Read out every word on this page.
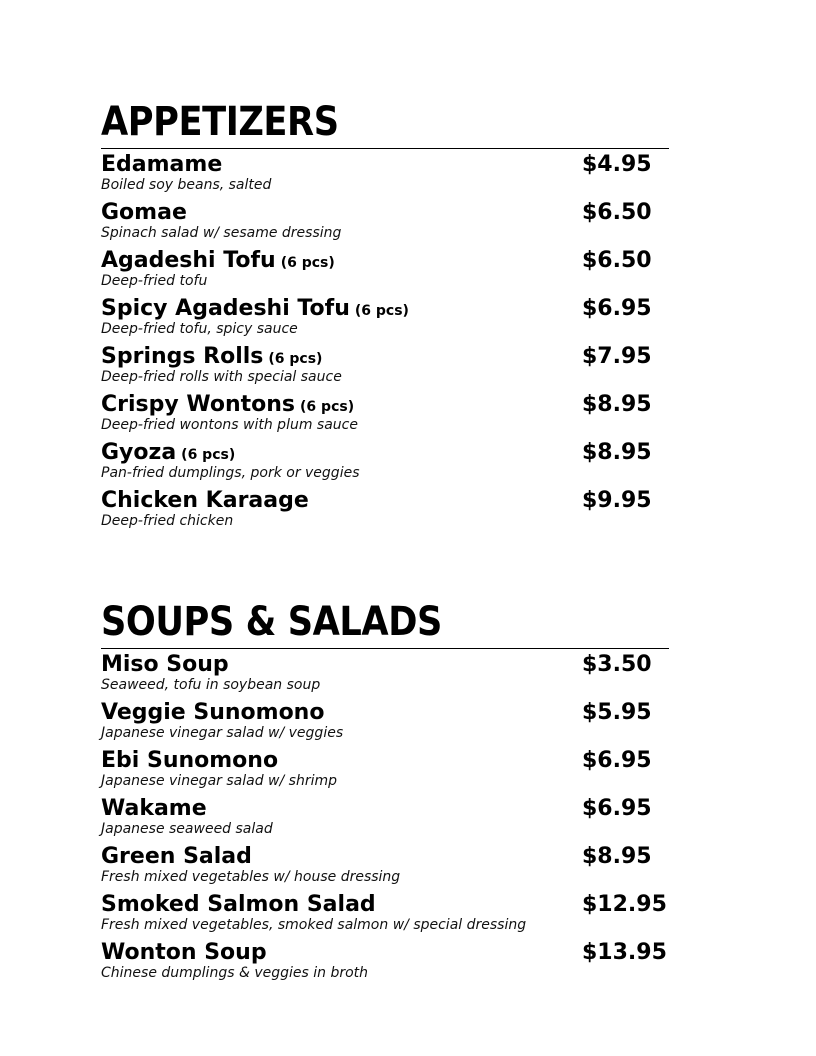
APPETIZERS
Edamame
Boiled soy beans, salted
$4.95
Gomae
Spinach salad w/ sesame dressing
$6.50
Agadeshi Tofu (6 pcs)
Deep-fried tofu
$6.50
Spicy Agadeshi Tofu (6 pcs)
Deep-fried tofu, spicy sauce
$6.95
Springs Rolls (6 pcs)
Deep-fried rolls with special sauce
$7.95
Crispy Wontons (6 pcs)
Deep-fried wontons with plum sauce
$8.95
Gyoza (6 pcs)
Pan-fried dumplings, pork or veggies
$8.95
Chicken Karaage
Deep-fried chicken
$9.95
SOUPS & SALADS
Miso Soup
Seaweed, tofu in soybean soup
$3.50
Veggie Sunomono
Japanese vinegar salad w/ veggies
$5.95
Ebi Sunomono
Japanese vinegar salad w/ shrimp
$6.95
Wakame
Japanese seaweed salad
$6.95
Green Salad
Fresh mixed vegetables w/ house dressing
$8.95
Smoked Salmon Salad
Fresh mixed vegetables, smoked salmon w/ special dressing
$12.95
Wonton Soup
Chinese dumplings & veggies in broth
$13.95
